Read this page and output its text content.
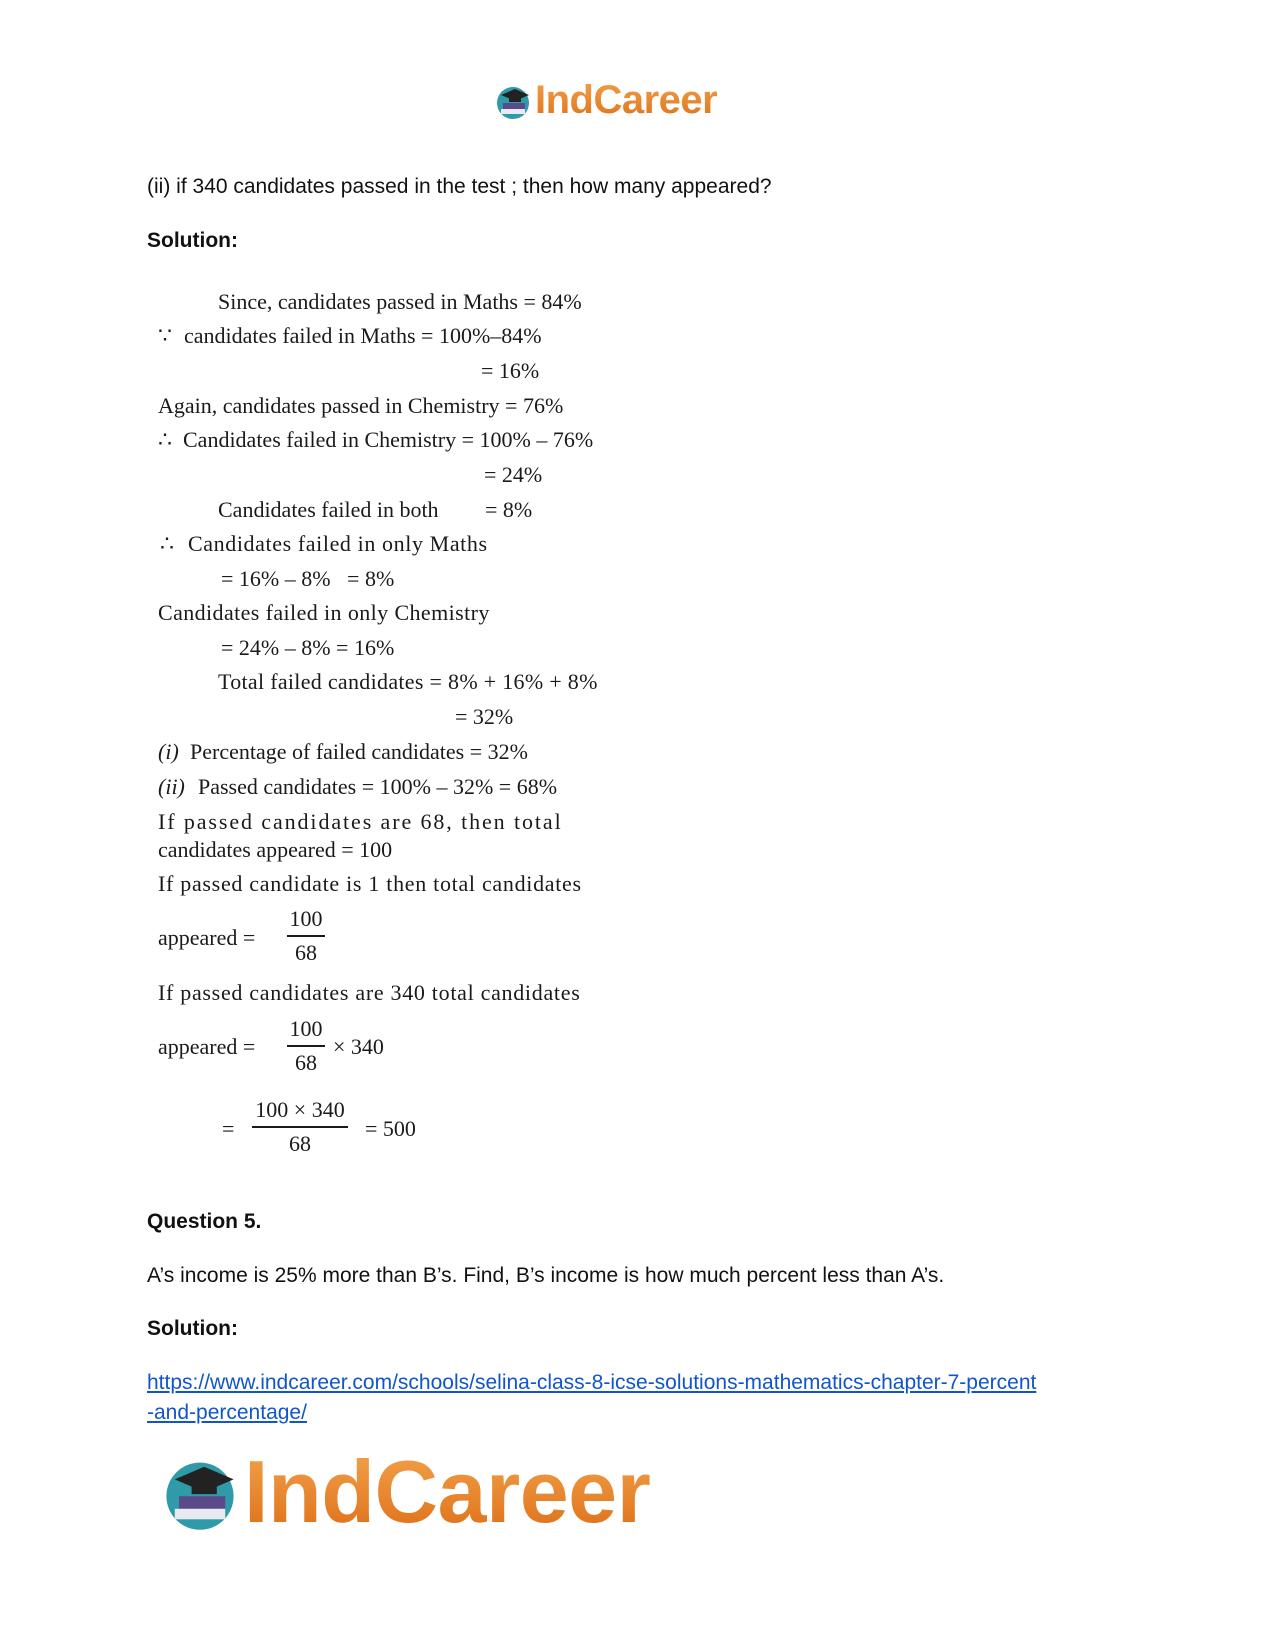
IndCareer
(ii) if 340 candidates passed in the test ; then how many appeared?
Solution:
Since, candidates passed in Maths = 84%
∵ candidates failed in Maths = 100%–84%
= 16%
Again, candidates passed in Chemistry = 76%
∴ Candidates failed in Chemistry = 100% – 76%
= 24%
Candidates failed in both = 8%
∴ Candidates failed in only Maths
= 16% – 8%   = 8%
Candidates failed in only Chemistry
= 24% – 8% = 16%
Total failed candidates = 8% + 16% + 8%
= 32%
(i) Percentage of failed candidates = 32%
(ii) Passed candidates = 100% – 32% = 68%
If passed candidates are 68, then total
candidates appeared = 100
If passed candidate is 1 then total candidates
appeared =
100
68
If passed candidates are 340 total candidates
appeared =
100
68
× 340
=
100 × 340
68
= 500
Question 5.
A’s income is 25% more than B’s. Find, B’s income is how much percent less than A’s.
Solution:
https://www.indcareer.com/schools/selina-class-8-icse-solutions-mathematics-chapter-7-percent
-and-percentage/
IndCareer
